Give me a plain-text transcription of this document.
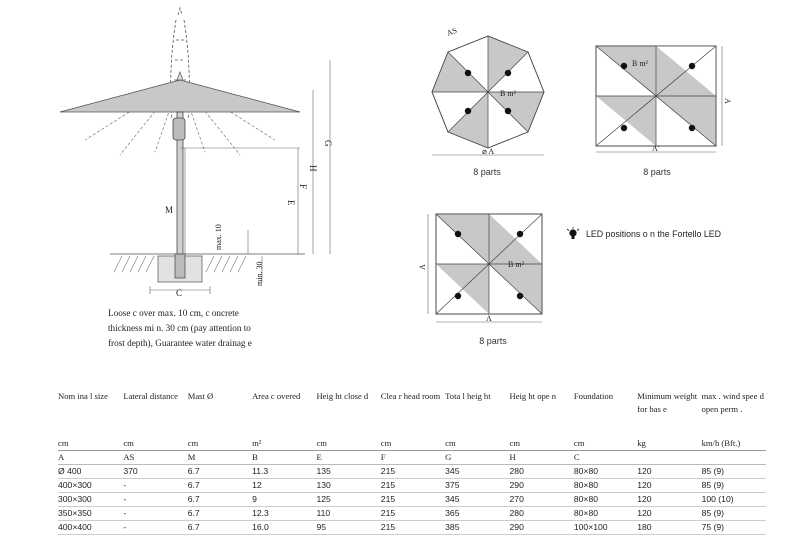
G
H
F
E
M
C
max. 10
min. 30
Loose c over max. 10 cm, c oncrete
thickness mi n. 30 cm (pay attention to
frost depth), Guarantee water drainag e
B m²
AS
⌀ A
8 parts
B m²
A
A'
8 parts
B m²
A
A
8 parts
LED positions o n the Fortello LED
Nom ina l size	Lateral distance	Mast Ø	Area c overed	Heig ht close d	Clea r head room	Tota l heig ht	Heig ht ope n	Foundation	Minimum weight for bas e	max . wind spee d open perm .
cm	cm	cm	m²	cm	cm	cm	cm	cm	kg	km/h (Bft.)
A	AS	M	B	E	F	G	H	C		
Ø 400	370	6.7	11.3	135	215	345	280	80×80	120	85 (9)
400×300	-	6.7	12	130	215	375	290	80×80	120	85 (9)
300×300	-	6.7	9	125	215	345	270	80×80	120	100 (10)
350×350	-	6.7	12.3	110	215	365	280	80×80	120	85 (9)
400×400	-	6.7	16.0	95	215	385	290	100×100	180	75 (9)
